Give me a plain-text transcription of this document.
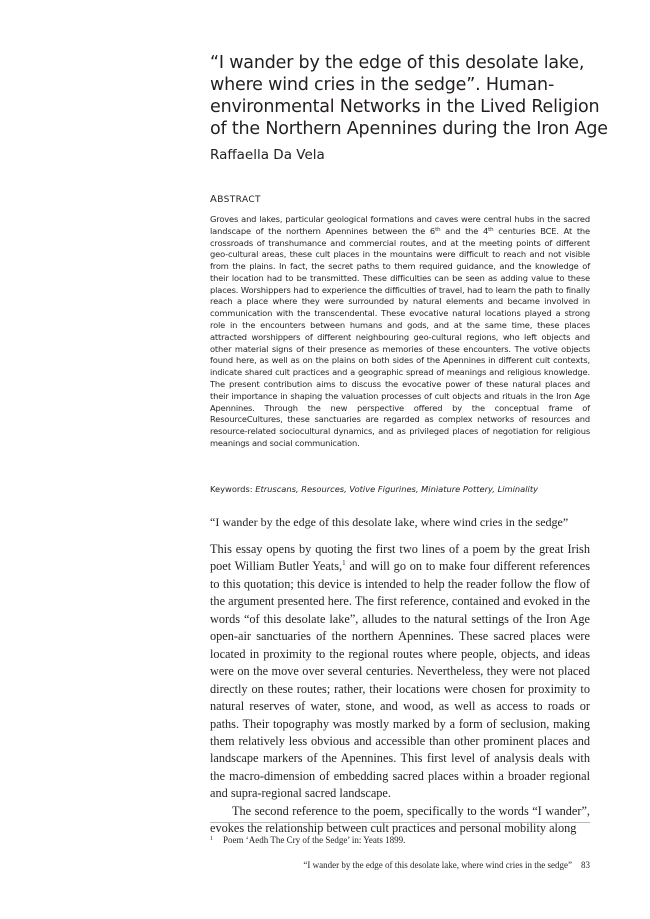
“I wander by the edge of this desolate lake, where wind cries in the sedge”. Human-environmental Networks in the Lived Religion of the Northern Apennines during the Iron Age

Raffaella Da Vela

ABSTRACT

Groves and lakes, particular geological formations and caves were central hubs in the sacred landscape of the northern Apennines between the 6th and the 4th centuries BCE. At the crossroads of transhumance and commercial routes, and at the meeting points of different geo-cultural areas, these cult places in the mountains were difficult to reach and not visible from the plains. In fact, the secret paths to them required guidance, and the knowledge of their location had to be transmitted. These difficulties can be seen as adding value to these places. Worshippers had to experience the difficulties of travel, had to learn the path to finally reach a place where they were surrounded by natural elements and became involved in communication with the transcendental. These evocative natural locations played a strong role in the encounters between humans and gods, and at the same time, these places attracted worshippers of different neighbouring geo-cultural regions, who left objects and other material signs of their presence as memories of these encounters. The votive objects found here, as well as on the plains on both sides of the Apennines in different cult contexts, indicate shared cult practices and a geographic spread of meanings and religious knowledge. The present contribution aims to discuss the evocative power of these natural places and their importance in shaping the valuation processes of cult objects and rituals in the Iron Age Apennines. Through the new perspective offered by the conceptual frame of ResourceCultures, these sanctuaries are regarded as complex networks of resources and resource-related sociocultural dynamics, and as privileged places of negotiation for religious meanings and social communication.

Keywords: Etruscans, Resources, Votive Figurines, Miniature Pottery, Liminality

“I wander by the edge of this desolate lake, where wind cries in the sedge”

This essay opens by quoting the first two lines of a poem by the great Irish poet William Butler Yeats,$^1$ and will go on to make four different references to this quotation; this device is intended to help the reader follow the flow of the argument presented here. The first reference, contained and evoked in the words “of this desolate lake”, alludes to the natural settings of the Iron Age open-air sanctuaries of the northern Apennines. These sacred places were located in proximity to the regional routes where people, objects, and ideas were on the move over several centuries. Nevertheless, they were not placed directly on these routes; rather, their locations were chosen for proximity to natural reserves of water, stone, and wood, as well as access to roads or paths. Their topography was mostly marked by a form of seclusion, making them relatively less obvious and accessible than other prominent places and landscape markers of the Apennines. This first level of analysis deals with the macro-dimension of embedding sacred places within a broader regional and supra-regional sacred landscape.

The second reference to the poem, specifically to the words “I wander”, evokes the relationship between cult practices and personal mobility along

$^1$ Poem ‘Aedh The Cry of the Sedge’ in: Yeats 1899.

“I wander by the edge of this desolate lake, where wind cries in the sedge” 83
